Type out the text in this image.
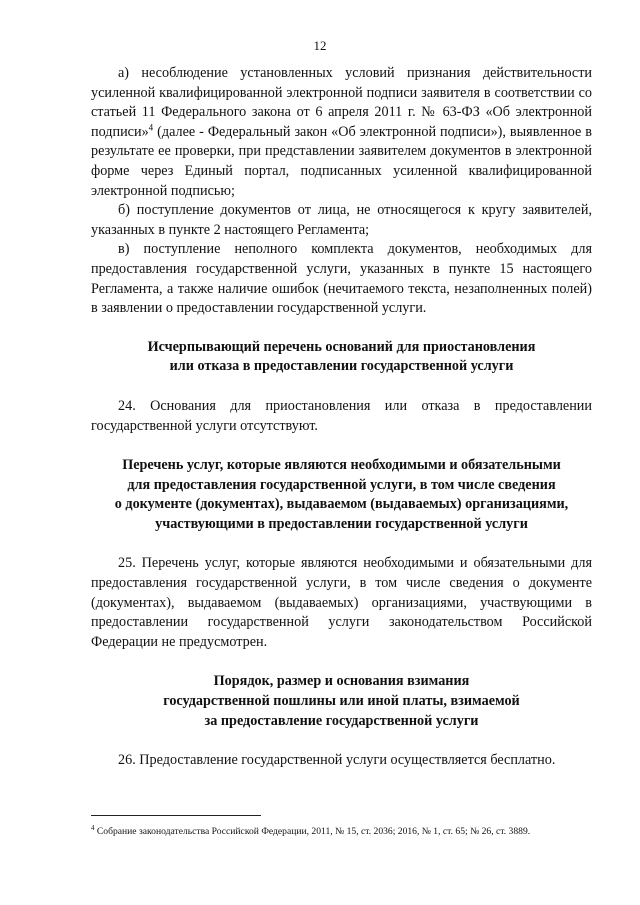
12

а) несоблюдение установленных условий признания действительности усиленной квалифицированной электронной подписи заявителя в соответствии со статьей 11 Федерального закона от 6 апреля 2011 г. № 63-ФЗ «Об электронной подписи»$^4$ (далее - Федеральный закон «Об электронной подписи»), выявленное в результате ее проверки, при представлении заявителем документов в электронной форме через Единый портал, подписанных усиленной квалифицированной электронной подписью;

б) поступление документов от лица, не относящегося к кругу заявителей, указанных в пункте 2 настоящего Регламента;

в) поступление неполного комплекта документов, необходимых для предоставления государственной услуги, указанных в пункте 15 настоящего Регламента, а также наличие ошибок (нечитаемого текста, незаполненных полей) в заявлении о предоставлении государственной услуги.

Исчерпывающий перечень оснований для приостановления
или отказа в предоставлении государственной услуги

24. Основания для приостановления или отказа в предоставлении государственной услуги отсутствуют.

Перечень услуг, которые являются необходимыми и обязательными
для предоставления государственной услуги, в том числе сведения
о документе (документах), выдаваемом (выдаваемых) организациями,
участвующими в предоставлении государственной услуги

25. Перечень услуг, которые являются необходимыми и обязательными для предоставления государственной услуги, в том числе сведения о документе (документах), выдаваемом (выдаваемых) организациями, участвующими в предоставлении государственной услуги законодательством Российской Федерации не предусмотрен.

Порядок, размер и основания взимания
государственной пошлины или иной платы, взимаемой
за предоставление государственной услуги

26. Предоставление государственной услуги осуществляется бесплатно.

$^4$ Собрание законодательства Российской Федерации, 2011, № 15, ст. 2036; 2016, № 1, ст. 65; № 26, ст. 3889.
